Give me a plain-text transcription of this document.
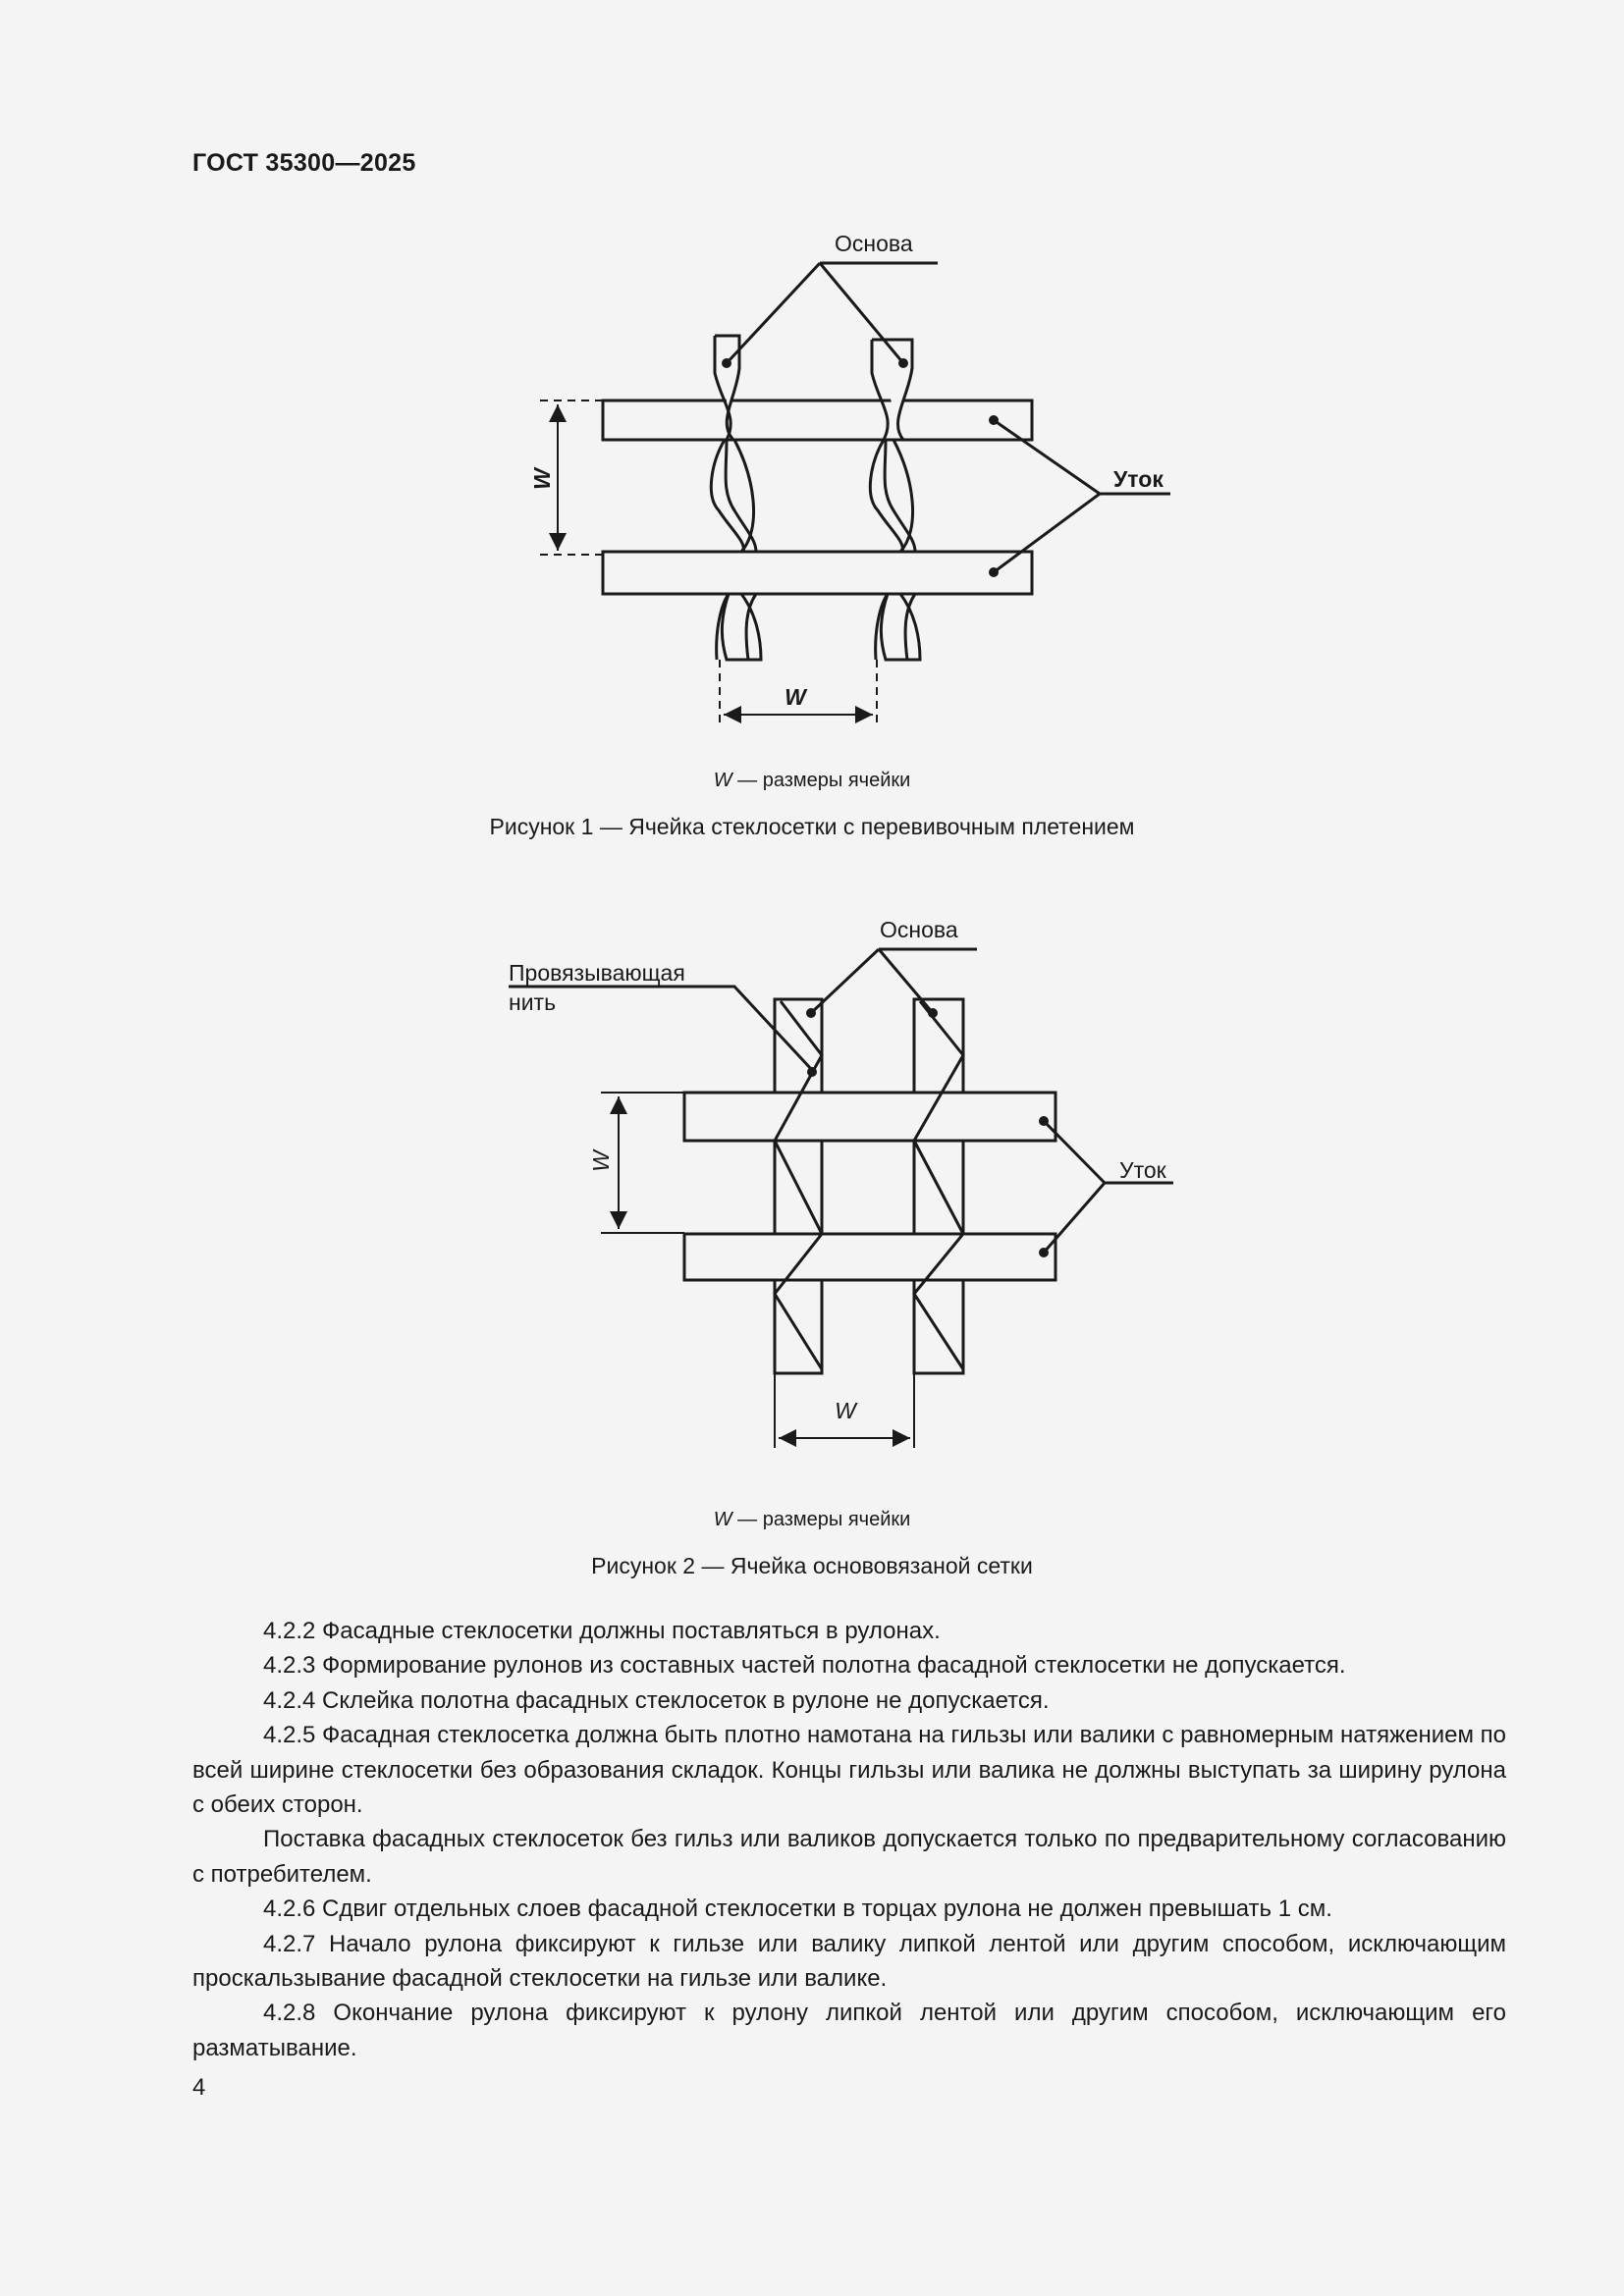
ГОСТ 35300—2025
Основа
Уток
W
W
W — размеры ячейки
Рисунок 1 — Ячейка стеклосетки с перевивочным плетением
Основа
Провязывающая
нить
Уток
W
W
W — размеры ячейки
Рисунок 2 — Ячейка основовязаной сетки

4.2.2 Фасадные стеклосетки должны поставляться в рулонах.

4.2.3 Формирование рулонов из составных частей полотна фасадной стеклосетки не допускается.

4.2.4 Склейка полотна фасадных стеклосеток в рулоне не допускается.

4.2.5 Фасадная стеклосетка должна быть плотно намотана на гильзы или валики с равномерным натяжением по всей ширине стеклосетки без образования складок. Концы гильзы или валика не должны выступать за ширину рулона с обеих сторон.

Поставка фасадных стеклосеток без гильз или валиков допускается только по предварительному согласованию с потребителем.

4.2.6 Сдвиг отдельных слоев фасадной стеклосетки в торцах рулона не должен превышать 1 см.

4.2.7 Начало рулона фиксируют к гильзе или валику липкой лентой или другим способом, исключающим проскальзывание фасадной стеклосетки на гильзе или валике.

4.2.8 Окончание рулона фиксируют к рулону липкой лентой или другим способом, исключающим его разматывание.

4
